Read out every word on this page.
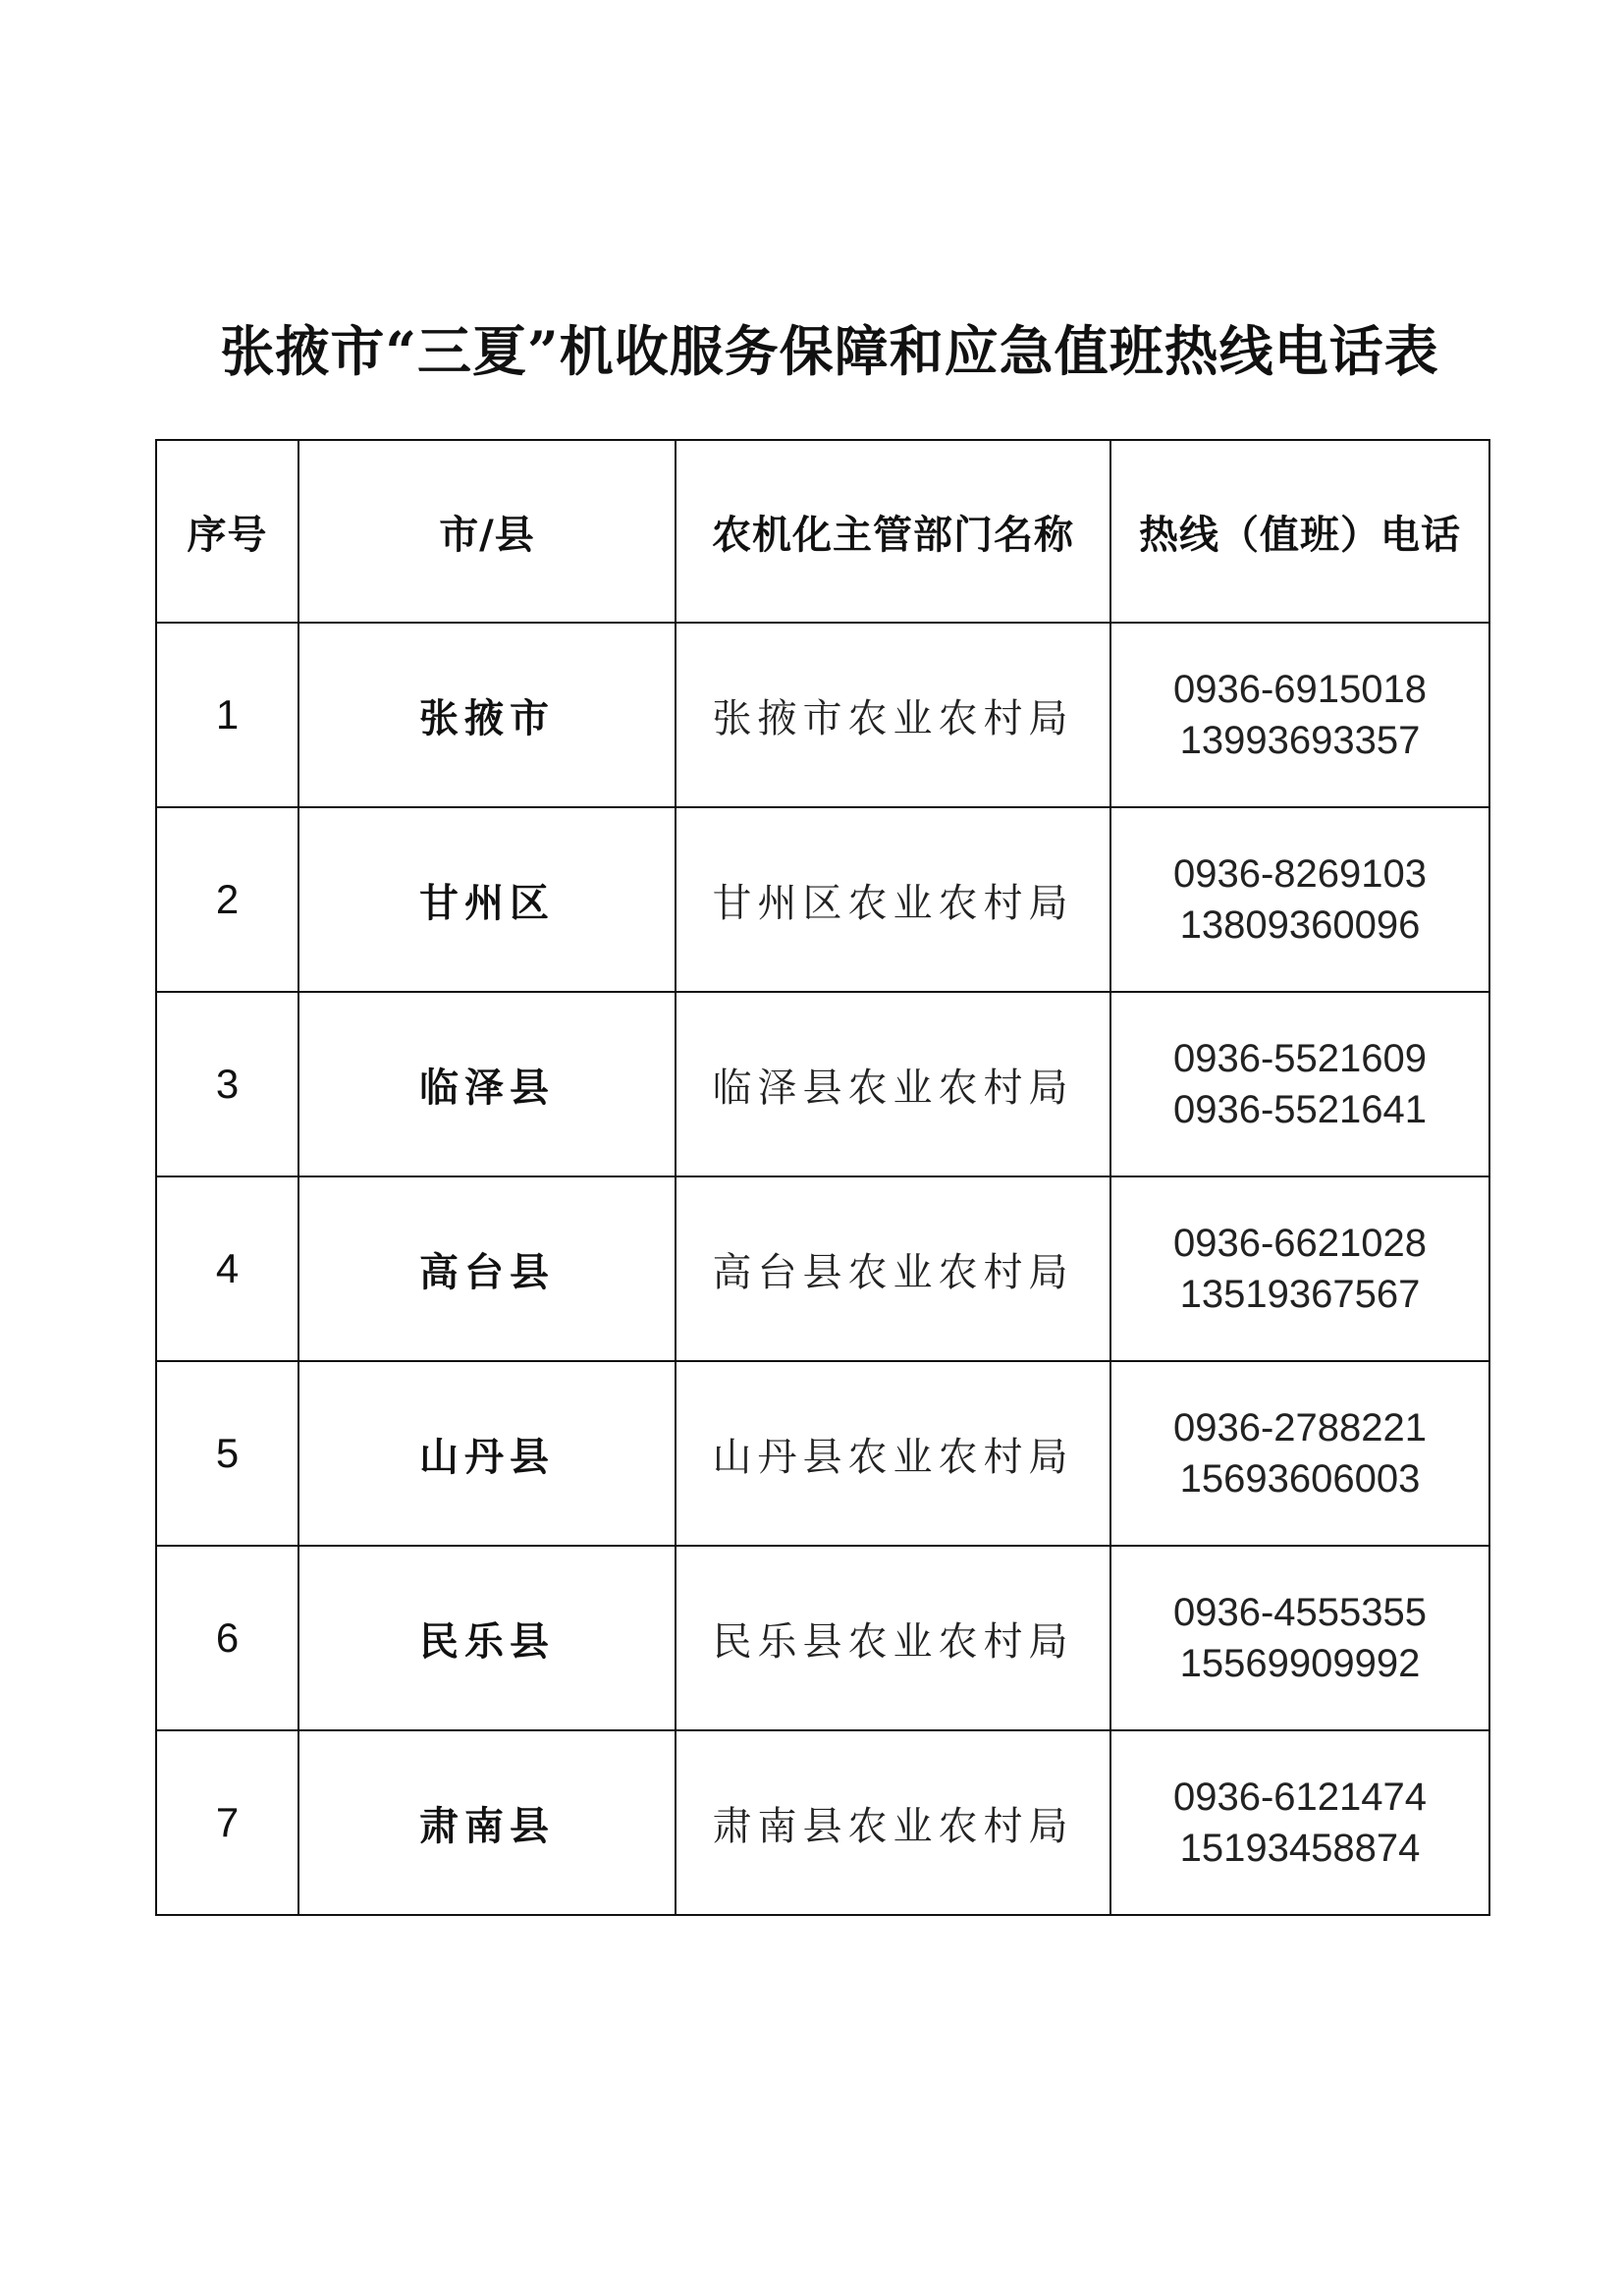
张掖市“三夏”机收服务保障和应急值班热线电话表
序号	市/县	农机化主管部门名称	热线（值班）电话
1	张掖市	张掖市农业农村局	0936-6915018
13993693357

2	甘州区	甘州区农业农村局	0936-8269103
13809360096

3	临泽县	临泽县农业农村局	0936-5521609
0936-5521641

4	高台县	高台县农业农村局	0936-6621028
13519367567

5	山丹县	山丹县农业农村局	0936-2788221
15693606003

6	民乐县	民乐县农业农村局	0936-4555355
15569909992

7	肃南县	肃南县农业农村局	0936-6121474
15193458874
